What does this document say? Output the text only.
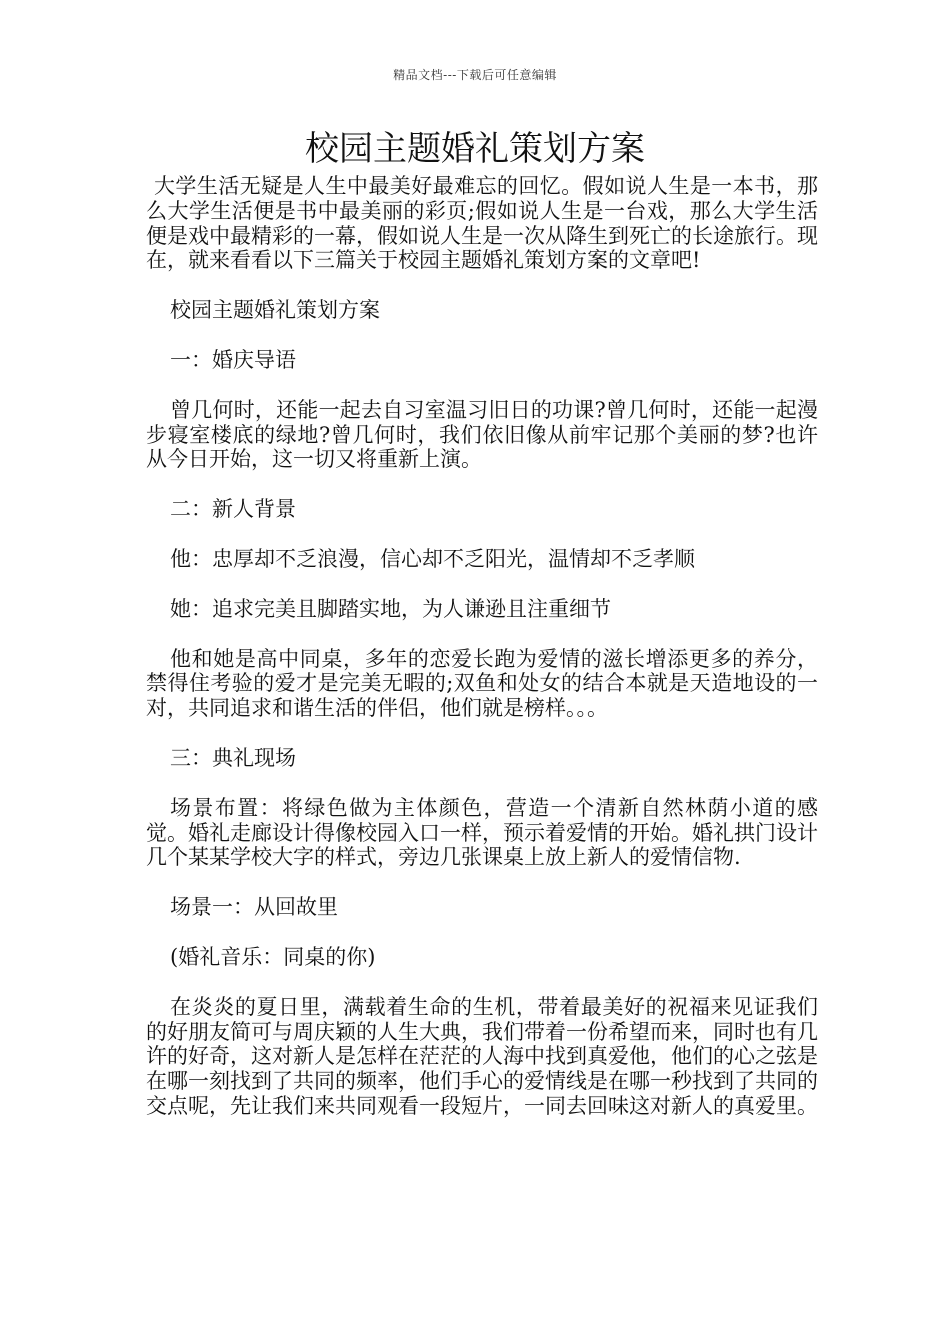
精品文档---下载后可任意编辑
校园主题婚礼策划方案

大学生活无疑是人生中最美好最难忘的回忆。假如说人生是一本书，那么大学生活便是书中最美丽的彩页;假如说人生是一台戏，那么大学生活便是戏中最精彩的一幕，假如说人生是一次从降生到死亡的长途旅行。现在，就来看看以下三篇关于校园主题婚礼策划方案的文章吧!

校园主题婚礼策划方案

一：婚庆导语

曾几何时，还能一起去自习室温习旧日的功课?曾几何时，还能一起漫步寝室楼底的绿地?曾几何时，我们依旧像从前牢记那个美丽的梦?也许从今日开始，这一切又将重新上演。

二：新人背景

他：忠厚却不乏浪漫，信心却不乏阳光，温情却不乏孝顺

她：追求完美且脚踏实地，为人谦逊且注重细节

他和她是高中同桌，多年的恋爱长跑为爱情的滋长增添更多的养分，禁得住考验的爱才是完美无暇的;双鱼和处女的结合本就是天造地设的一对，共同追求和谐生活的伴侣，他们就是榜样。。。

三：典礼现场

场景布置：将绿色做为主体颜色，营造一个清新自然林荫小道的感觉。婚礼走廊设计得像校园入口一样，预示着爱情的开始。婚礼拱门设计几个某某学校大字的样式，旁边几张课桌上放上新人的爱情信物.

场景一：从回故里

(婚礼音乐：同桌的你)

在炎炎的夏日里，满载着生命的生机，带着最美好的祝福来见证我们的好朋友简可与周庆颖的人生大典，我们带着一份希望而来，同时也有几许的好奇，这对新人是怎样在茫茫的人海中找到真爱他，他们的心之弦是在哪一刻找到了共同的频率，他们手心的爱情线是在哪一秒找到了共同的交点呢，先让我们来共同观看一段短片，一同去回味这对新人的真爱里。
